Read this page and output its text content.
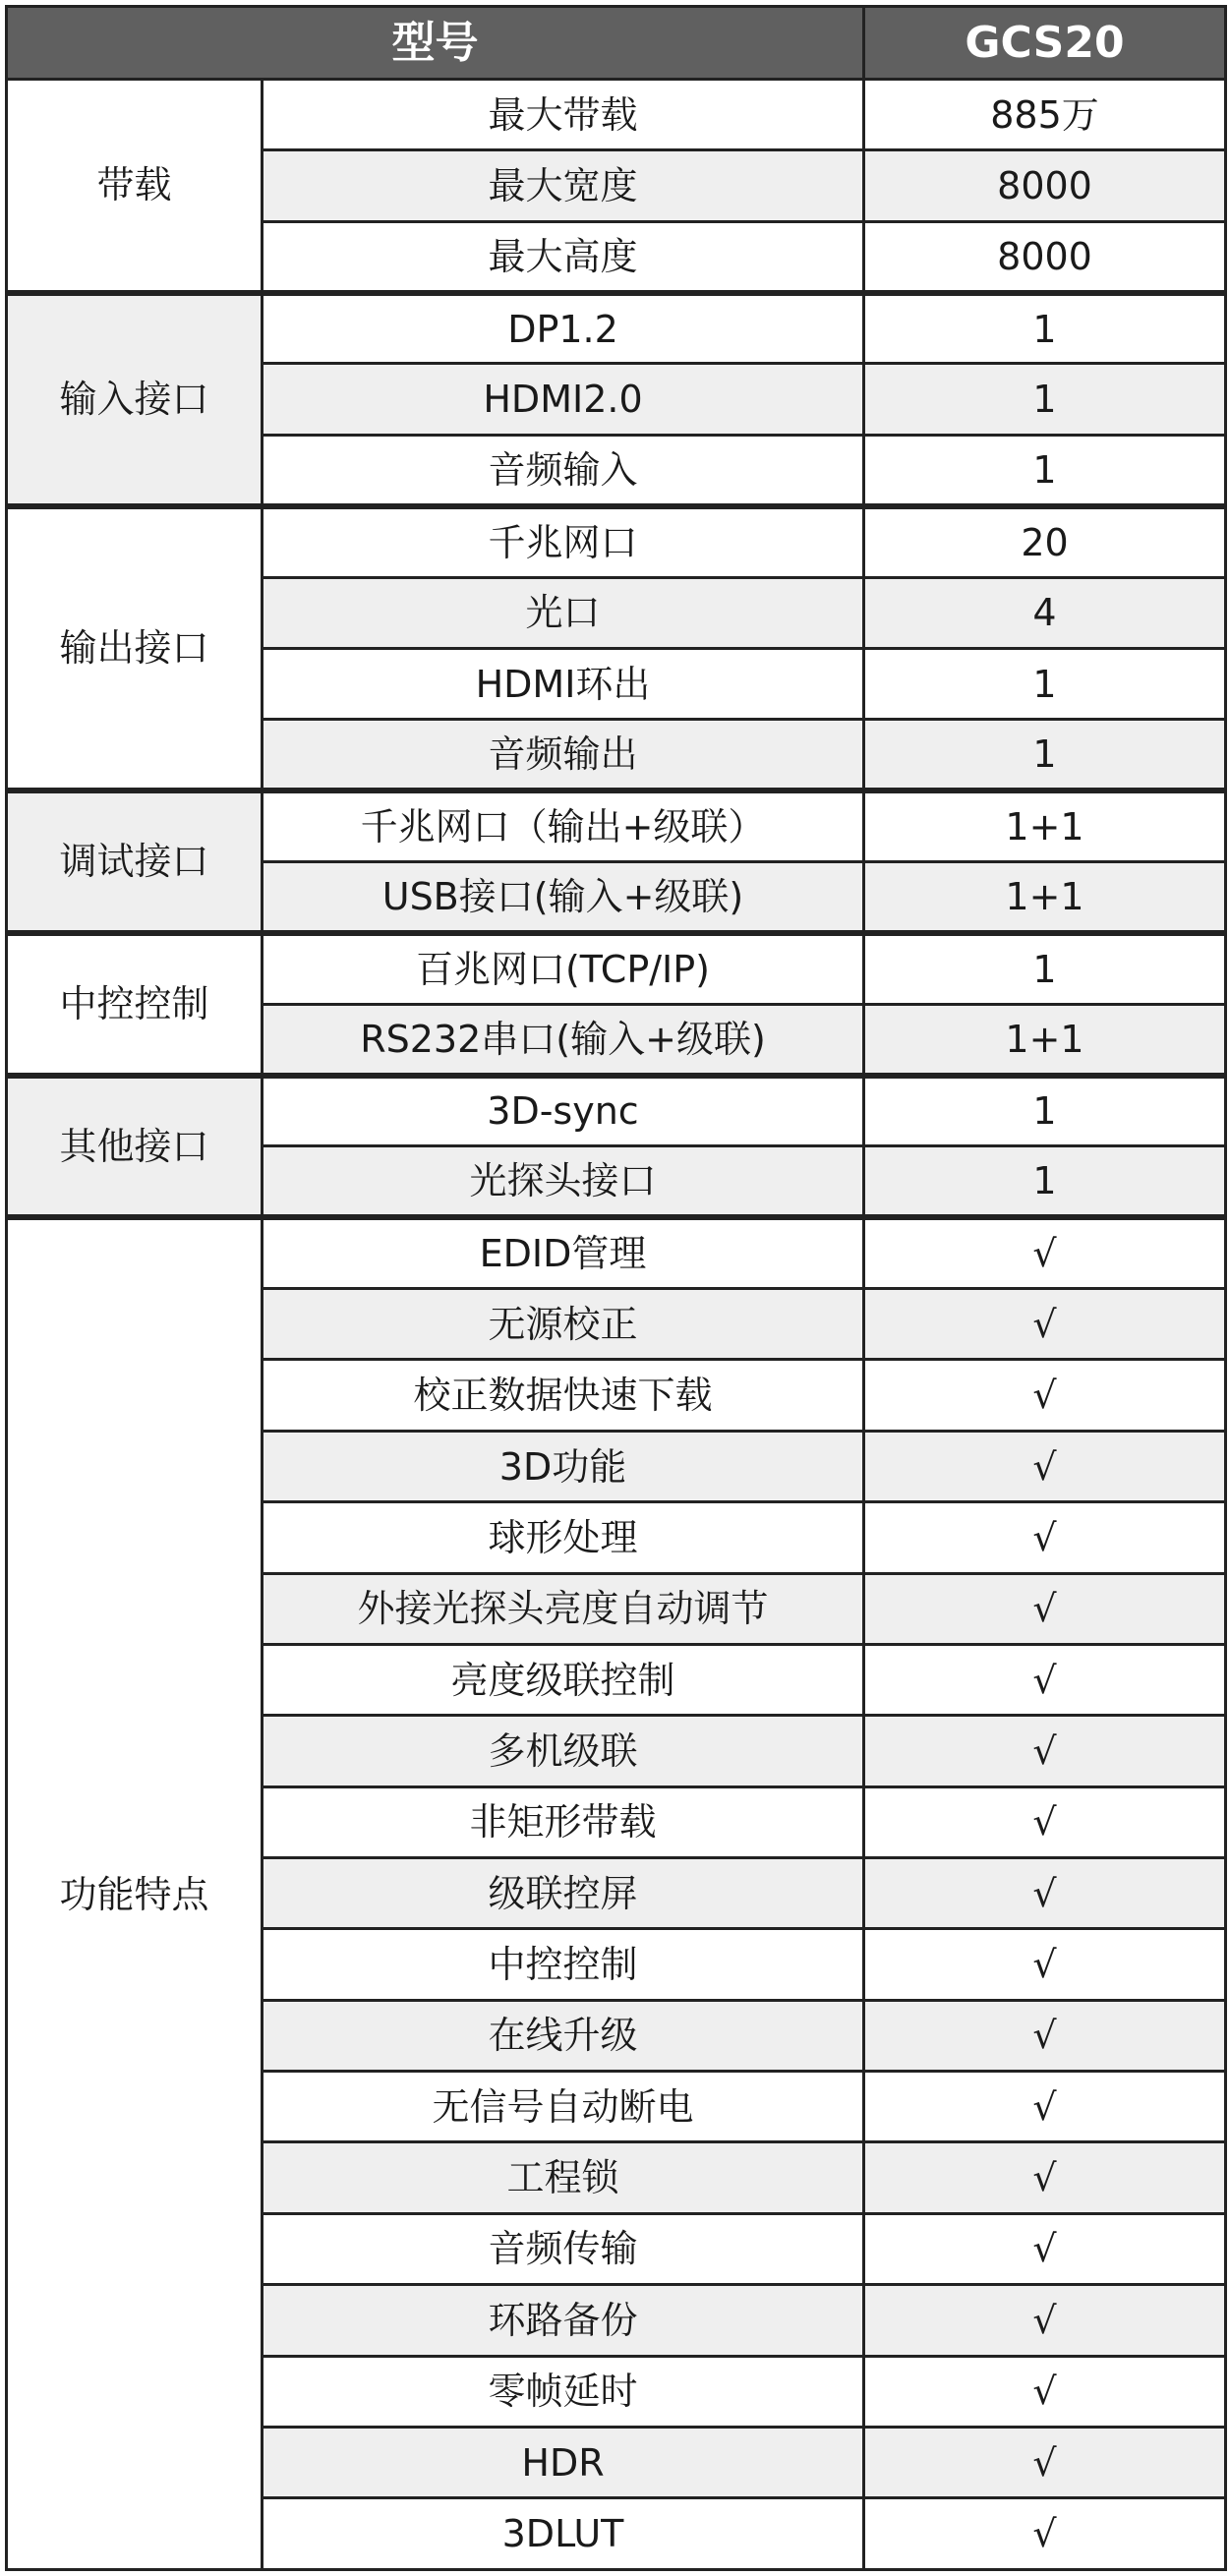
型号		GCS20
带载	最大带载	885万
	最大宽度	8000
	最大高度	8000
输入接口	DP1.2	1
	HDMI2.0	1
	音频输入	1
输出接口	千兆网口	20
	光口	4
	HDMI环出	1
	音频输出	1
调试接口	千兆网口（输出+级联）	1+1
	USB接口(输入+级联)	1+1
中控控制	百兆网口(TCP/IP)	1
	RS232串口(输入+级联)	1+1
其他接口	3D-sync	1
	光探头接口	1
功能特点	EDID管理	√
	无源校正	√
	校正数据快速下载	√
	3D功能	√
	球形处理	√
	外接光探头亮度自动调节	√
	亮度级联控制	√
	多机级联	√
	非矩形带载	√
	级联控屏	√
	中控控制	√
	在线升级	√
	无信号自动断电	√
	工程锁	√
	音频传输	√
	环路备份	√
	零帧延时	√
	HDR	√
	3DLUT	√
